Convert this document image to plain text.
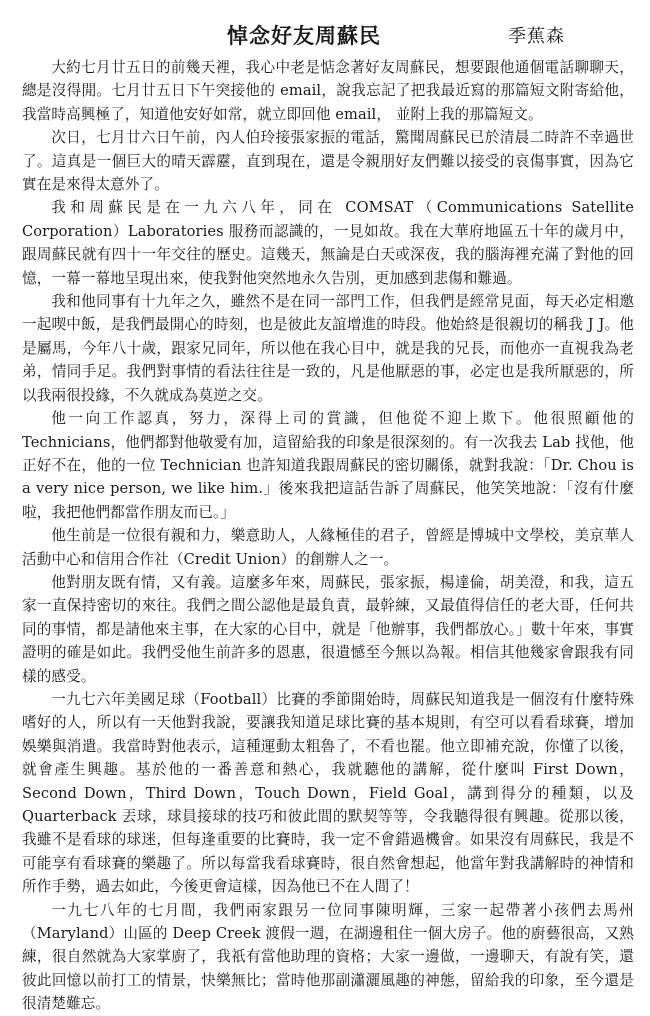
悼念好友周蘇民	季蕉森

大約七月廿五日的前幾天裡，我心中老是惦念著好友周蘇民，想要跟他通個電話聊聊天，總是沒得閒。七月廿五日下午突接他的 email，說我忘記了把我最近寫的那篇短文附寄給他，我當時高興極了，知道他安好如常，就立即回他 email， 並附上我的那篇短文。

次日，七月廿六日午前，內人伯玲接張家振的電話，驚聞周蘇民已於清晨二時許不幸過世了。這真是一個巨大的晴天霹靂，直到現在，還是令親朋好友們難以接受的哀傷事實，因為它實在是來得太意外了。

我和周蘇民是在一九六八年，同在 COMSAT（Communications Satellite Corporation）Laboratories 服務而認識的，一見如故。我在大華府地區五十年的歲月中，跟周蘇民就有四十一年交往的歷史。這幾天，無論是白天或深夜，我的腦海裡充滿了對他的回憶，一幕一幕地呈現出來，使我對他突然地永久告別，更加感到悲傷和難過。

我和他同事有十九年之久，雖然不是在同一部門工作，但我們是經常見面，每天必定相邀一起喫中飯，是我們最開心的時刻，也是彼此友誼增進的時段。他始終是很親切的稱我 J J。他是屬馬，今年八十歲，跟家兄同年，所以他在我心目中，就是我的兄長，而他亦一直視我為老弟，情同手足。我們對事情的看法往往是一致的，凡是他厭惡的事，必定也是我所厭惡的，所以我兩很投緣，不久就成為莫逆之交。

他一向工作認真，努力，深得上司的賞識，但他從不迎上欺下。他很照顧他的 Technicians，他們都對他敬愛有加，這留給我的印象是很深刻的。有一次我去 Lab 找他，他正好不在，他的一位 Technician 也許知道我跟周蘇民的密切關係，就對我說：「Dr. Chou is a very nice person, we like him.」後來我把這話告訴了周蘇民，他笑笑地說：「沒有什麼啦，我把他們都當作朋友而已。」

他生前是一位很有親和力，樂意助人，人緣極佳的君子，曾經是博城中文學校，美京華人活動中心和信用合作社（Credit Union）的創辦人之一。

他對朋友既有情，又有義。這麼多年來，周蘇民，張家振，楊達倫，胡美澄，和我，這五家一直保持密切的來往。我們之間公認他是最負責，最幹練，又最值得信任的老大哥，任何共同的事情，都是請他來主事，在大家的心目中，就是「他辦事，我們都放心。」數十年來，事實證明的確是如此。我們受他生前許多的恩惠，很遺憾至今無以為報。相信其他幾家會跟我有同樣的感受。

一九七六年美國足球（Football）比賽的季節開始時，周蘇民知道我是一個沒有什麼特殊嗜好的人，所以有一天他對我說，要讓我知道足球比賽的基本規則，有空可以看看球賽，增加娛樂與消遣。我當時對他表示，這種運動太粗魯了，不看也罷。他立即補充說，你懂了以後，就會產生興趣。基於他的一番善意和熱心，我就聽他的講解，從什麼叫 First Down，Second Down，Third Down，Touch Down，Field Goal，講到得分的種類，以及 Quarterback 丟球，球員接球的技巧和彼此間的默契等等，令我聽得很有興趣。從那以後，我雖不是看球的球迷，但每逢重要的比賽時，我一定不會錯過機會。如果沒有周蘇民，我是不可能享有看球賽的樂趣了。所以每當我看球賽時，很自然會想起，他當年對我講解時的神情和所作手勢，過去如此，今後更會這樣，因為他已不在人間了！

一九七八年的七月間，我們兩家跟另一位同事陳明輝，三家一起帶著小孩們去馬州（Maryland）山區的 Deep Creek 渡假一週，在湖邊租住一個大房子。他的廚藝很高，又熟練，很自然就為大家掌廚了，我祇有當他助理的資格；大家一邊做，一邊聊天，有說有笑，還彼此回憶以前打工的情景，快樂無比；當時他那副瀟灑風趣的神態，留給我的印象，至今還是很清楚難忘。
